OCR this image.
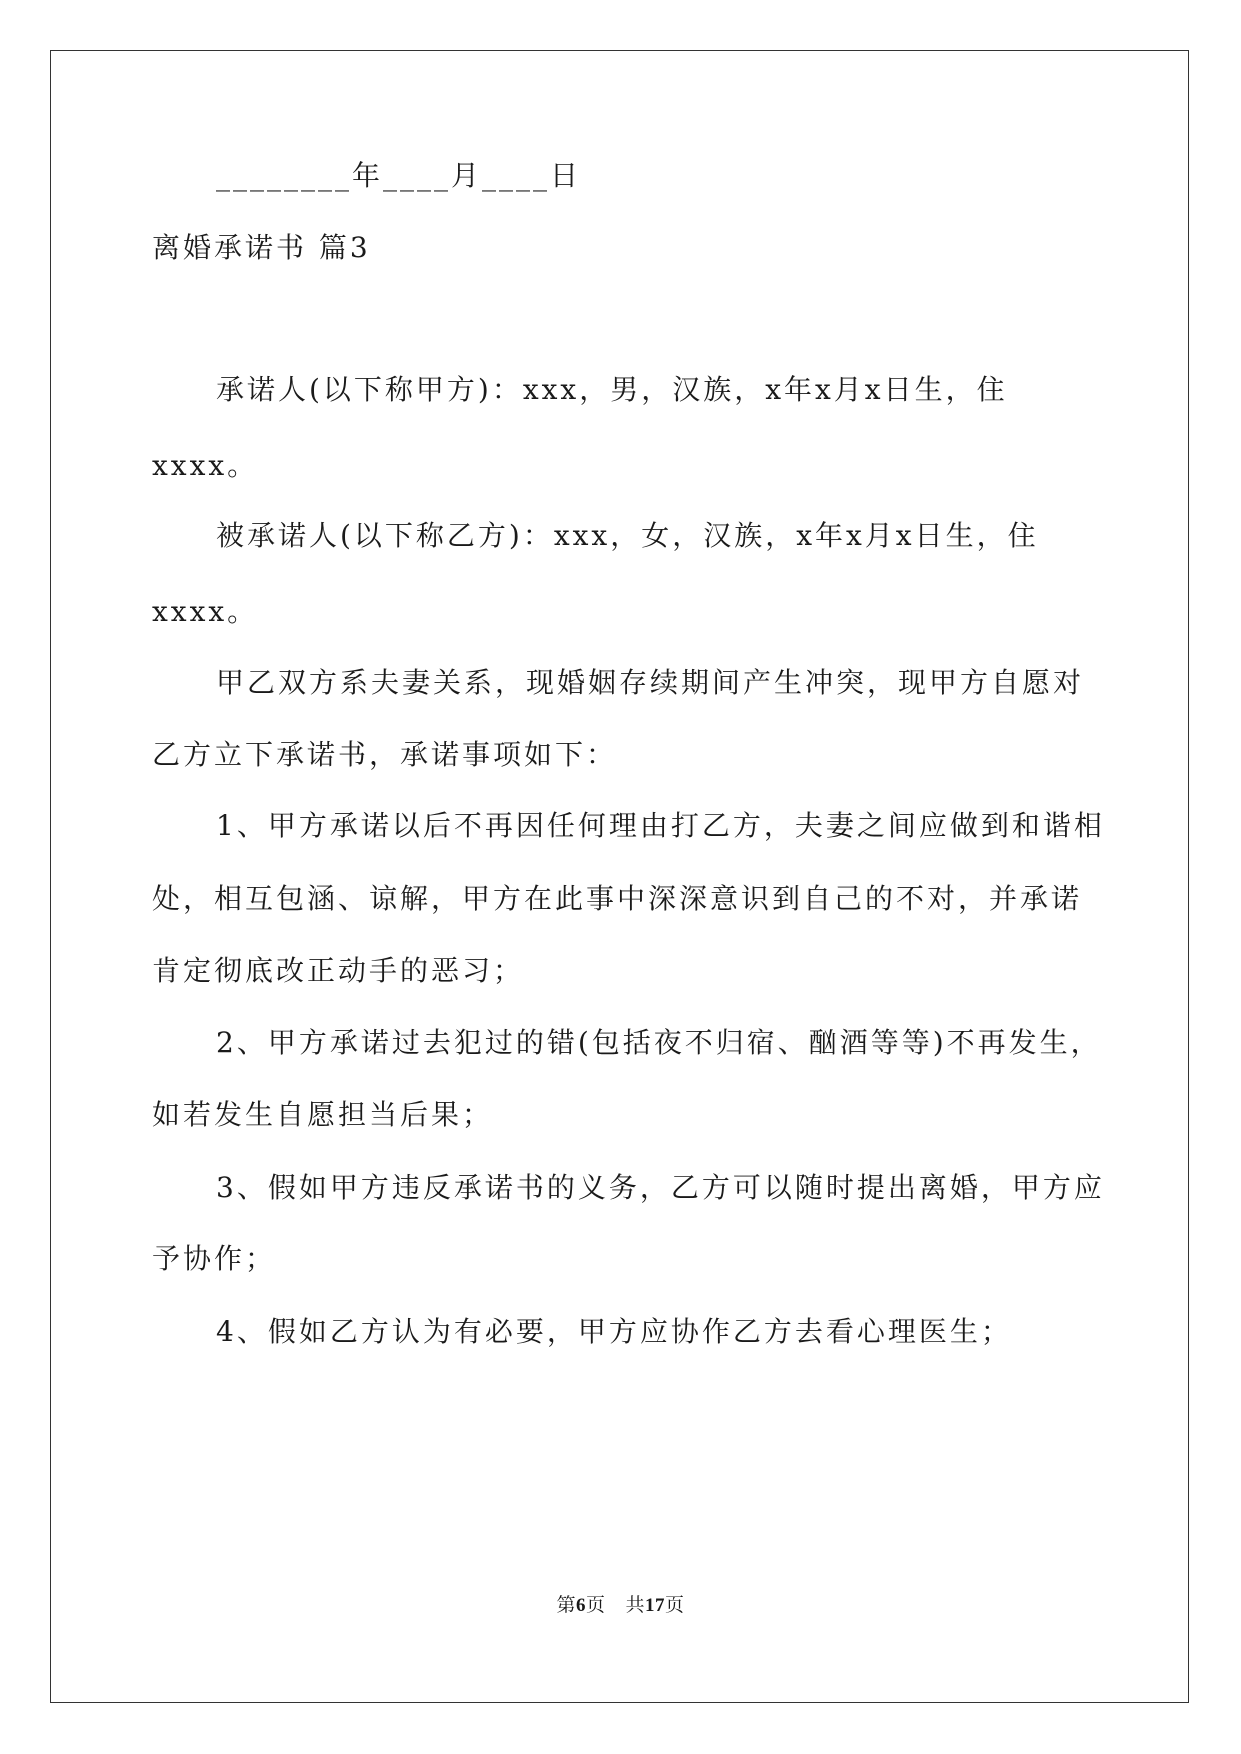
________年____月____日
离婚承诺书 篇3
承诺人(以下称甲方)：xxx，男，汉族，x年x月x日生，住
xxxx。
被承诺人(以下称乙方)：xxx，女，汉族，x年x月x日生，住
xxxx。
甲乙双方系夫妻关系，现婚姻存续期间产生冲突，现甲方自愿对
乙方立下承诺书，承诺事项如下：
1、甲方承诺以后不再因任何理由打乙方，夫妻之间应做到和谐相
处，相互包涵、谅解，甲方在此事中深深意识到自己的不对，并承诺
肯定彻底改正动手的恶习；
2、甲方承诺过去犯过的错(包括夜不归宿、酗酒等等)不再发生，
如若发生自愿担当后果；
3、假如甲方违反承诺书的义务，乙方可以随时提出离婚，甲方应
予协作；
4、假如乙方认为有必要，甲方应协作乙方去看心理医生；
第6页 共17页
